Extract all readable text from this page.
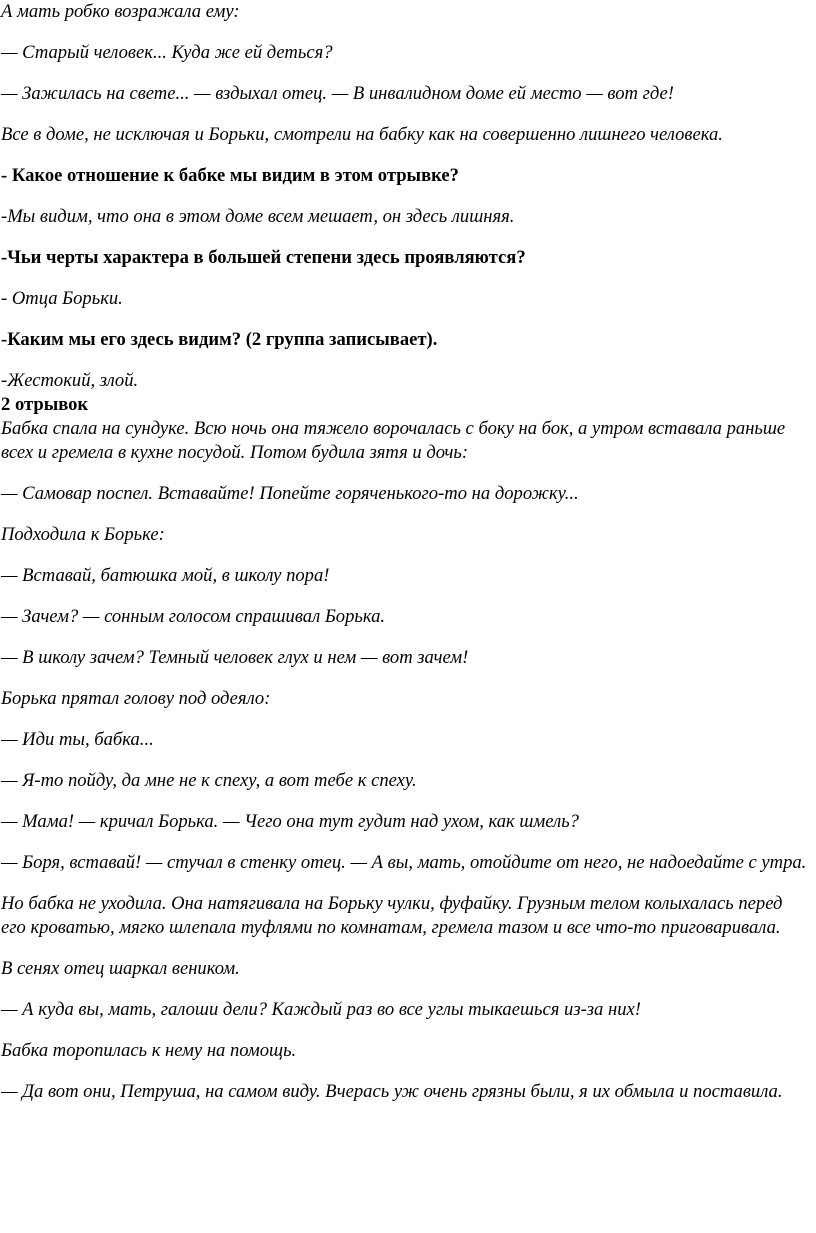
А мать робко возражала ему:

— Старый человек... Куда же ей деться?

— Зажилась на свете... — вздыхал отец. — В инвалидном доме ей место — вот где!

Все в доме, не исключая и Борьки, смотрели на бабку как на совершенно лишнего человека.

- Какое отношение к бабке мы видим в этом отрывке?

-Мы видим, что она в этом доме всем мешает, он здесь лишняя.

-Чьи черты характера в большей степени здесь проявляются?

- Отца Борьки.

-Каким мы его здесь видим? (2 группа записывает).

-Жестокий, злой.

2 отрывок

Бабка спала на сундуке. Всю ночь она тяжело ворочалась с боку на бок, а утром вставала раньше всех и гремела в кухне посудой. Потом будила зятя и дочь:

— Самовар поспел. Вставайте! Попейте горяченького-то на дорожку...

Подходила к Борьке:

— Вставай, батюшка мой, в школу пора!

— Зачем? — сонным голосом спрашивал Борька.

— В школу зачем? Темный человек глух и нем — вот зачем!

Борька прятал голову под одеяло:

— Иди ты, бабка...

— Я-то пойду, да мне не к спеху, а вот тебе к спеху.

— Мама! — кричал Борька. — Чего она тут гудит над ухом, как шмель?

— Боря, вставай! — стучал в стенку отец. — А вы, мать, отойдите от него, не надоедайте с утра.

Но бабка не уходила. Она натягивала на Борьку чулки, фуфайку. Грузным телом колыхалась перед его кроватью, мягко шлепала туфлями по комнатам, гремела тазом и все что-то приговаривала.

В сенях отец шаркал веником.

— А куда вы, мать, галоши дели? Каждый раз во все углы тыкаешься из-за них!

Бабка торопилась к нему на помощь.

— Да вот они, Петруша, на самом виду. Вчерась уж очень грязны были, я их обмыла и поставила.
